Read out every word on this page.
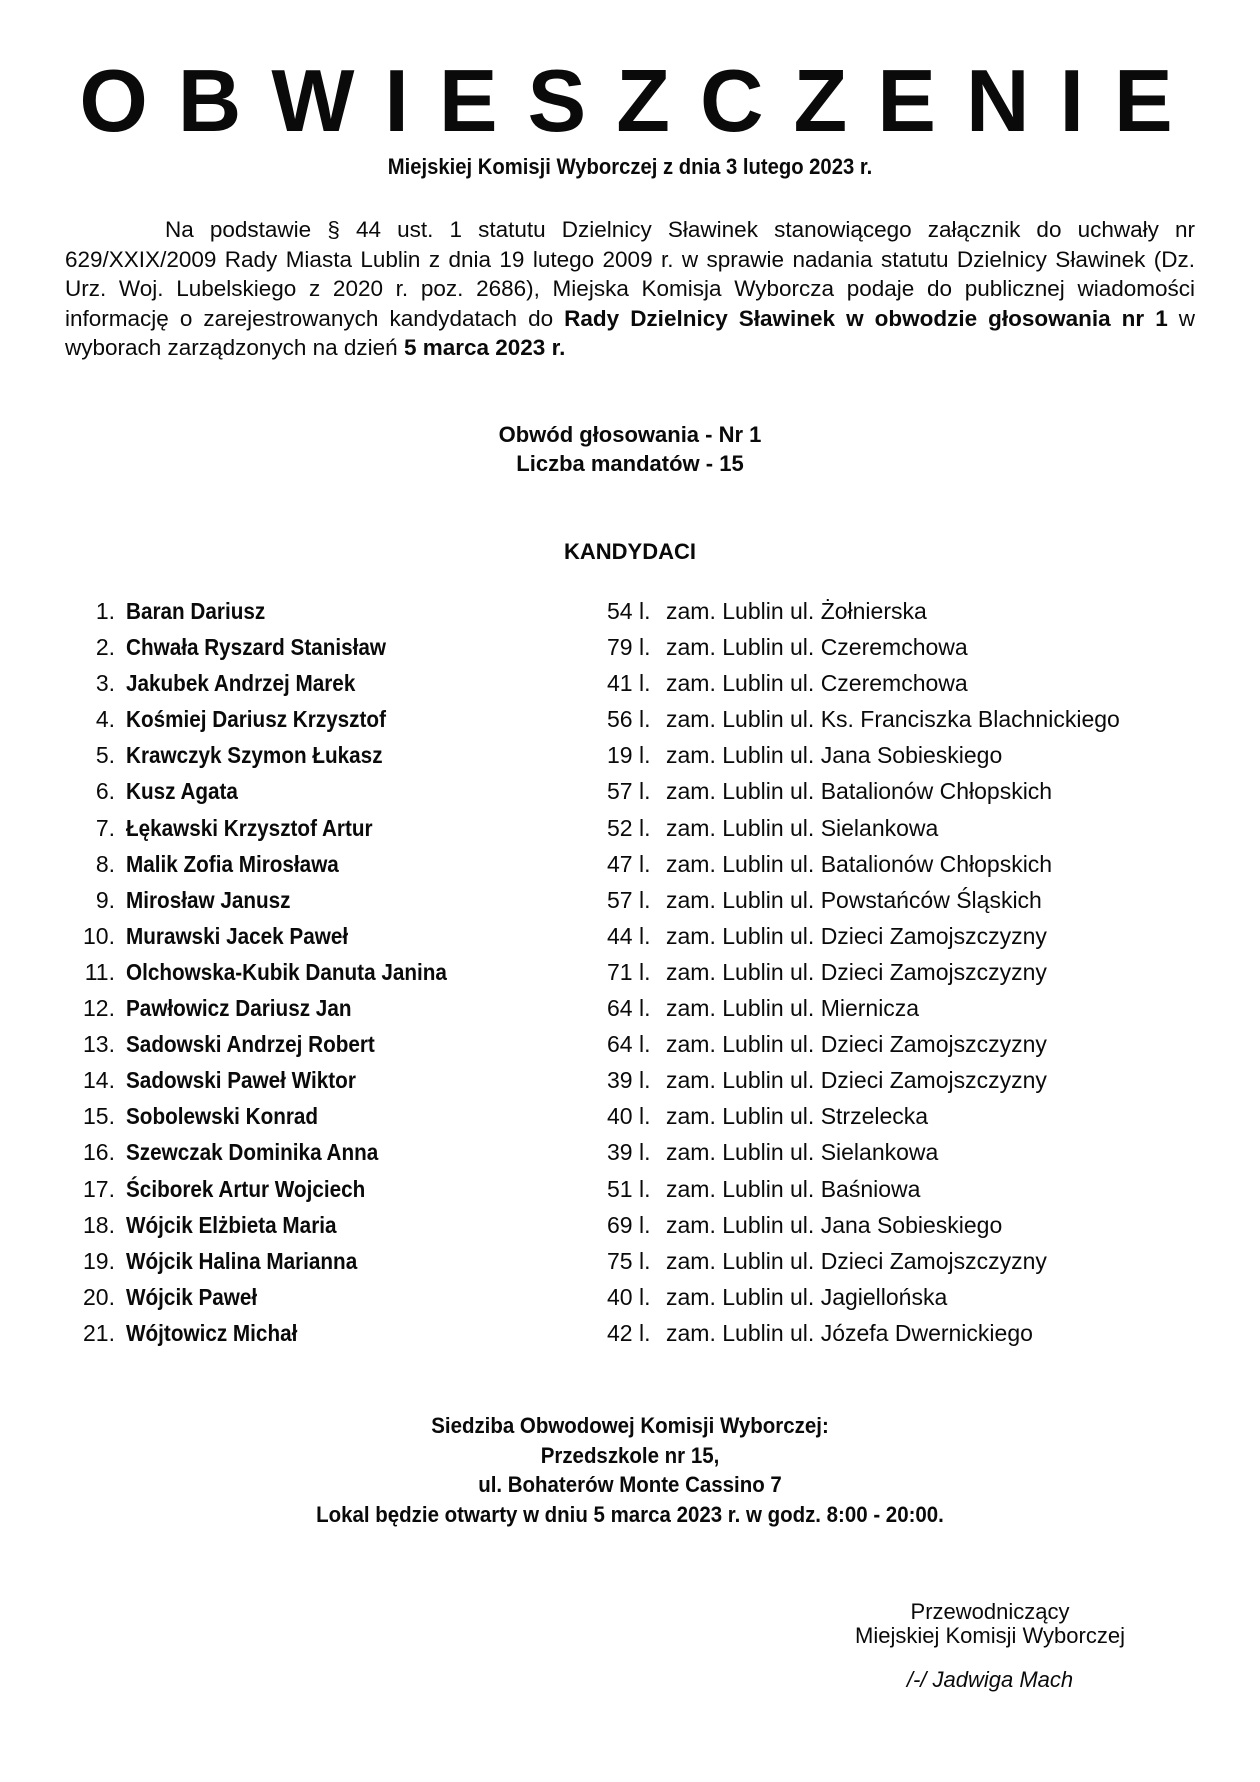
OBWIESZCZENIE
Miejskiej Komisji Wyborczej z dnia 3 lutego 2023 r.

Na podstawie § 44 ust. 1 statutu Dzielnicy Sławinek stanowiącego załącznik do uchwały nr 629/XXIX/2009 Rady Miasta Lublin z dnia 19 lutego 2009 r. w sprawie nadania statutu Dzielnicy Sławinek (Dz. Urz. Woj. Lubelskiego z 2020 r. poz. 2686), Miejska Komisja Wyborcza podaje do publicznej wiadomości informację o zarejestrowanych kandydatach do Rady Dzielnicy Sławinek w obwodzie głosowania nr 1 w wyborach zarządzonych na dzień 5 marca 2023 r.

Obwód głosowania - Nr 1
Liczba mandatów - 15
KANDYDACI
1. Baran Dariusz	54 l. zam. Lublin ul. Żołnierska
2. Chwała Ryszard Stanisław	79 l. zam. Lublin ul. Czeremchowa
3. Jakubek Andrzej Marek	41 l. zam. Lublin ul. Czeremchowa
4. Kośmiej Dariusz Krzysztof	56 l. zam. Lublin ul. Ks. Franciszka Blachnickiego
5. Krawczyk Szymon Łukasz	19 l. zam. Lublin ul. Jana Sobieskiego
6. Kusz Agata	57 l. zam. Lublin ul. Batalionów Chłopskich
7. Łękawski Krzysztof Artur	52 l. zam. Lublin ul. Sielankowa
8. Malik Zofia Mirosława	47 l. zam. Lublin ul. Batalionów Chłopskich
9. Mirosław Janusz	57 l. zam. Lublin ul. Powstańców Śląskich
10. Murawski Jacek Paweł	44 l. zam. Lublin ul. Dzieci Zamojszczyzny
11. Olchowska-Kubik Danuta Janina	71 l. zam. Lublin ul. Dzieci Zamojszczyzny
12. Pawłowicz Dariusz Jan	64 l. zam. Lublin ul. Miernicza
13. Sadowski Andrzej Robert	64 l. zam. Lublin ul. Dzieci Zamojszczyzny
14. Sadowski Paweł Wiktor	39 l. zam. Lublin ul. Dzieci Zamojszczyzny
15. Sobolewski Konrad	40 l. zam. Lublin ul. Strzelecka
16. Szewczak Dominika Anna	39 l. zam. Lublin ul. Sielankowa
17. Ściborek Artur Wojciech	51 l. zam. Lublin ul. Baśniowa
18. Wójcik Elżbieta Maria	69 l. zam. Lublin ul. Jana Sobieskiego
19. Wójcik Halina Marianna	75 l. zam. Lublin ul. Dzieci Zamojszczyzny
20. Wójcik Paweł	40 l. zam. Lublin ul. Jagiellońska
21. Wójtowicz Michał	42 l. zam. Lublin ul. Józefa Dwernickiego
Siedziba Obwodowej Komisji Wyborczej:
Przedszkole nr 15,
ul. Bohaterów Monte Cassino 7
Lokal będzie otwarty w dniu 5 marca 2023 r. w godz. 8:00 - 20:00.
Przewodniczący
Miejskiej Komisji Wyborczej
/-/ Jadwiga Mach
